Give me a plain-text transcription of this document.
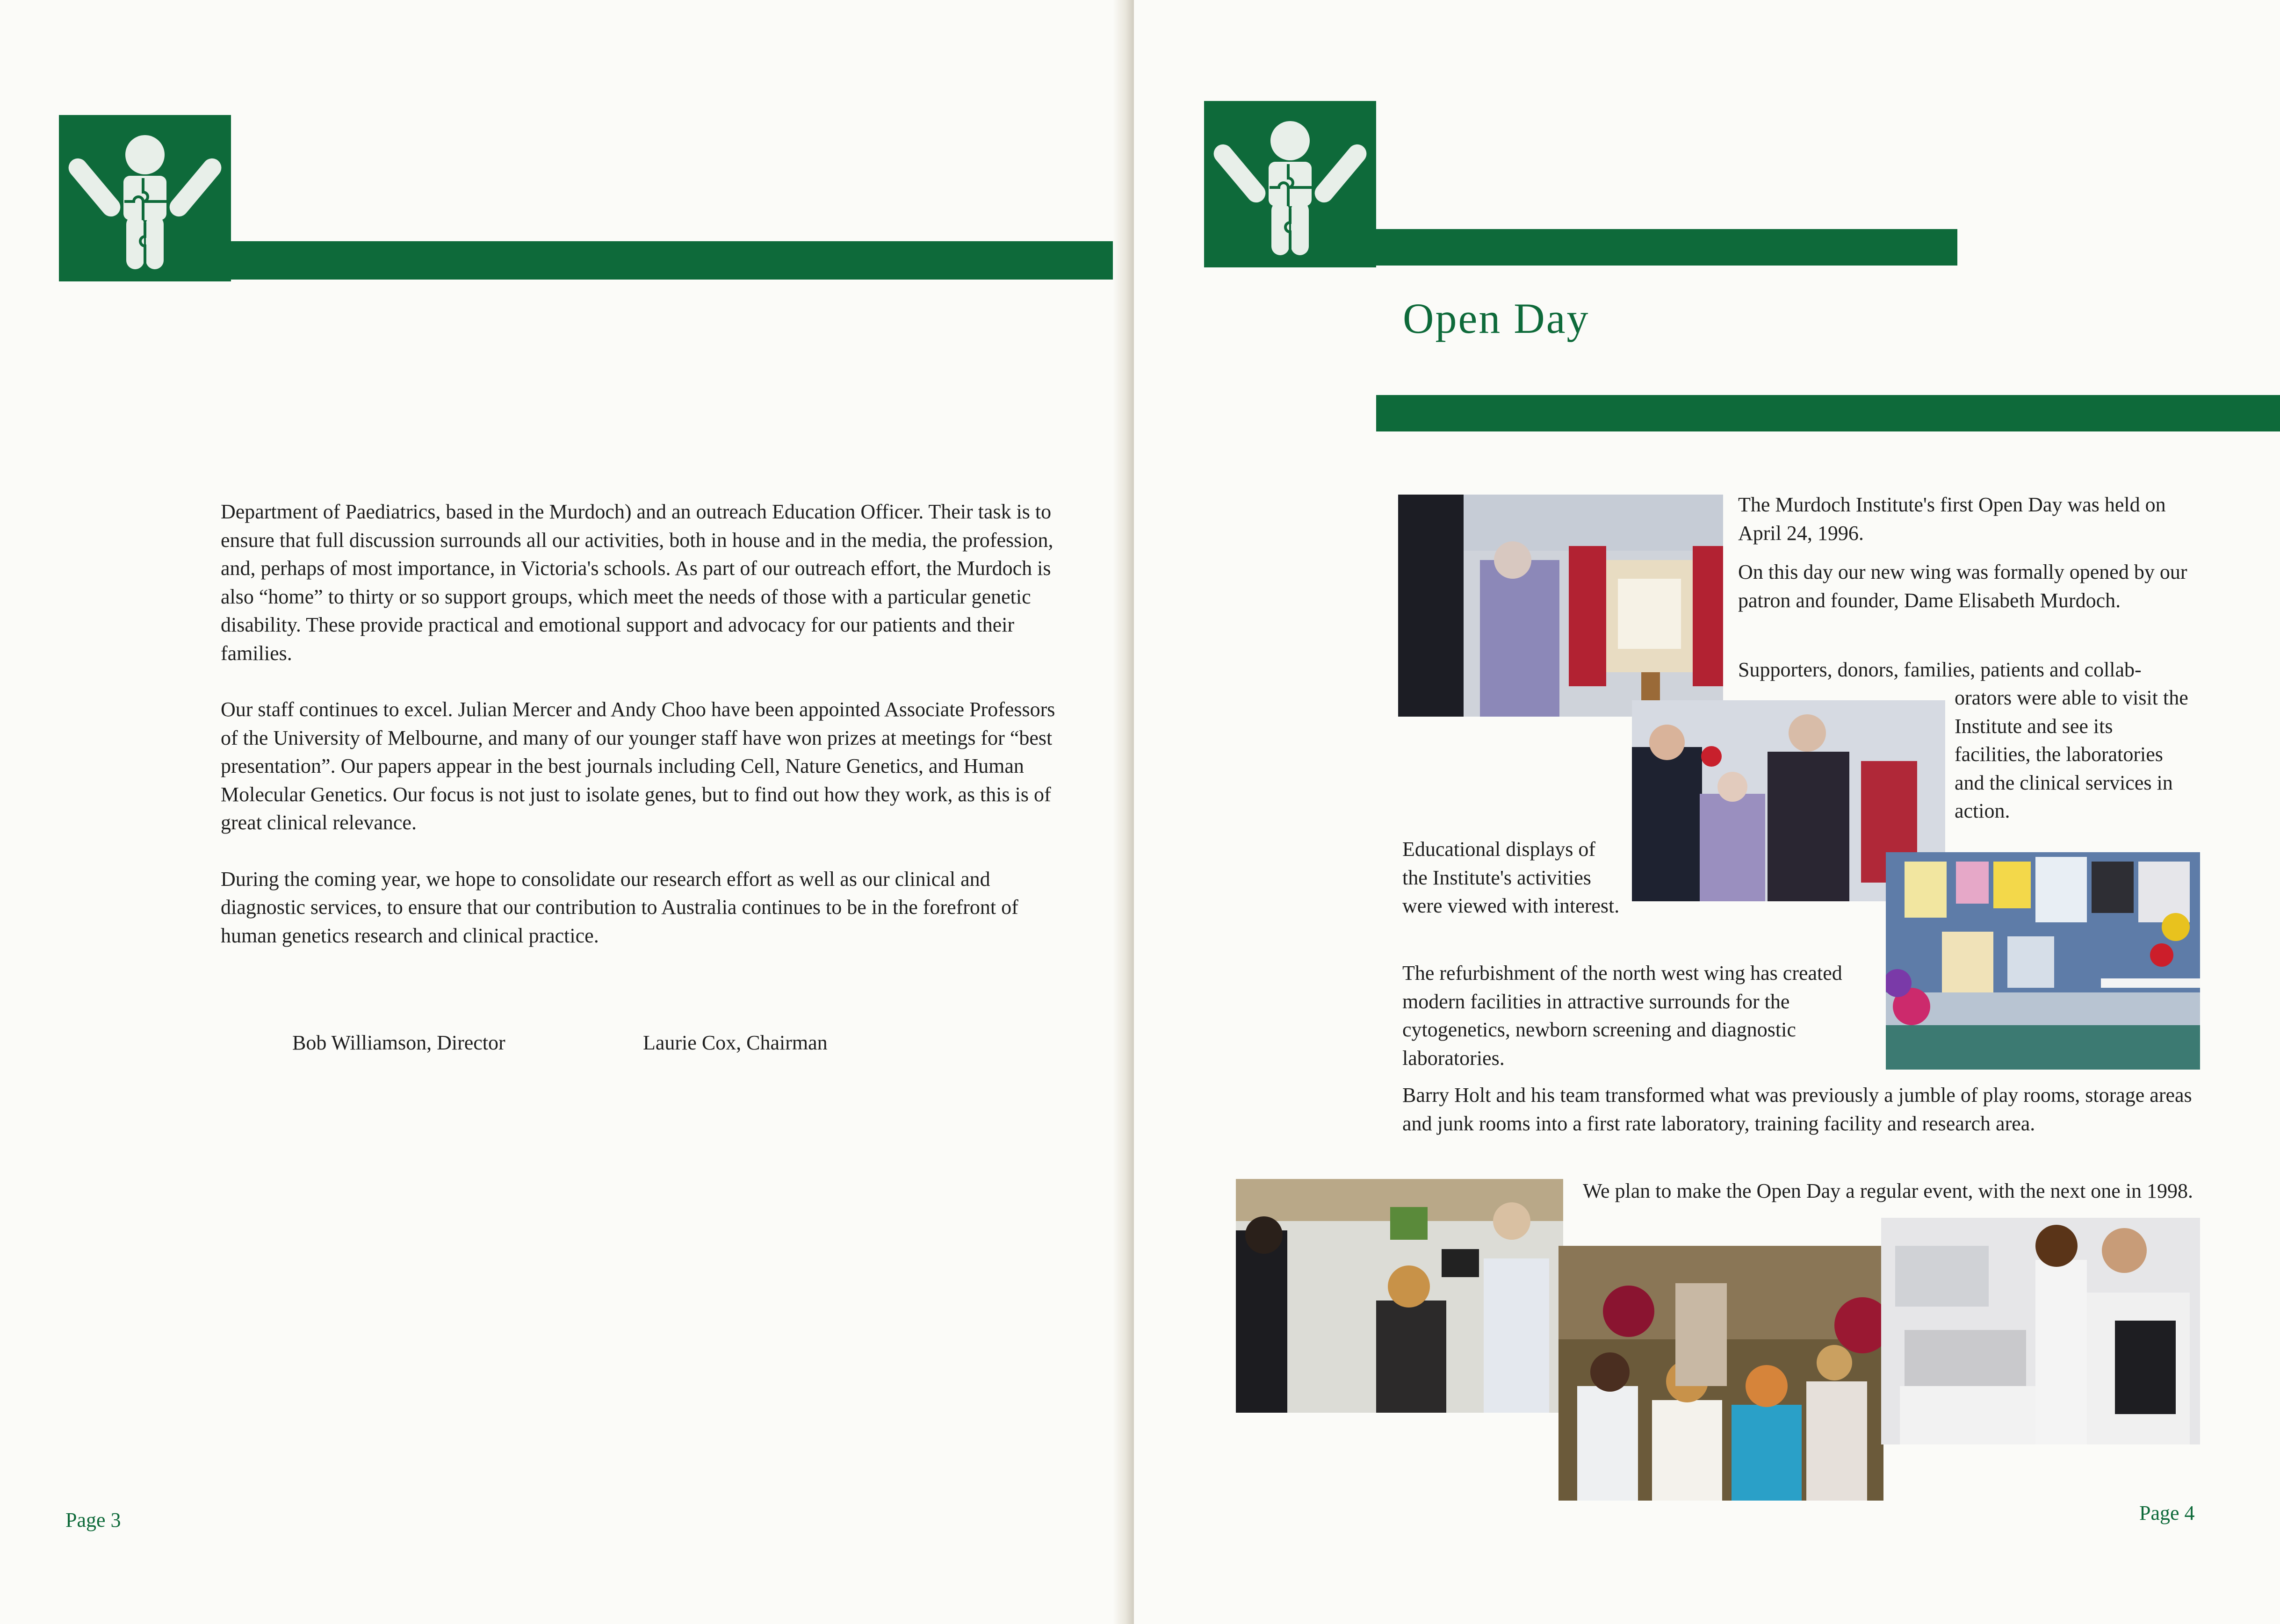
Department of Paediatrics, based in the Murdoch) and an outreach Education Officer. Their task is to ensure that full discussion surrounds all our activities, both in house and in the media, the profession, and, perhaps of most importance, in Victoria's schools. As part of our outreach effort, the Murdoch is also “home” to thirty or so support groups, which meet the needs of those with a particular genetic disability. These provide practical and emotional support and advocacy for our patients and their families.

Our staff continues to excel. Julian Mercer and Andy Choo have been appointed Associate Professors of the University of Melbourne, and many of our younger staff have won prizes at meetings for “best presentation”. Our papers appear in the best journals including Cell, Nature Genetics, and Human Molecular Genetics. Our focus is not just to isolate genes, but to find out how they work, as this is of great clinical relevance.

During the coming year, we hope to consolidate our research effort as well as our clinical and diagnostic services, to ensure that our contribution to Australia continues to be in the forefront of human genetics research and clinical practice.

Bob Williamson, Director	Laurie Cox, Chairman
Page 3
Open Day

The Murdoch Institute's first Open Day was held on April 24, 1996.

On this day our new wing was formally opened by our patron and founder, Dame Elisabeth Murdoch.

Supporters, donors, families, patients and collab-

orators were able to visit the Institute and see its facilities, the laboratories and the clinical services in action.

Educational displays of the Institute's activities were viewed with interest.

The refurbishment of the north west wing has created modern facilities in attractive surrounds for the cytogenetics, newborn screening and diagnostic laboratories.

Barry Holt and his team transformed what was previously a jumble of play rooms, storage areas and junk rooms into a first rate laboratory, training facility and research area.

We plan to make the Open Day a regular event, with the next one in 1998.

Page 4
